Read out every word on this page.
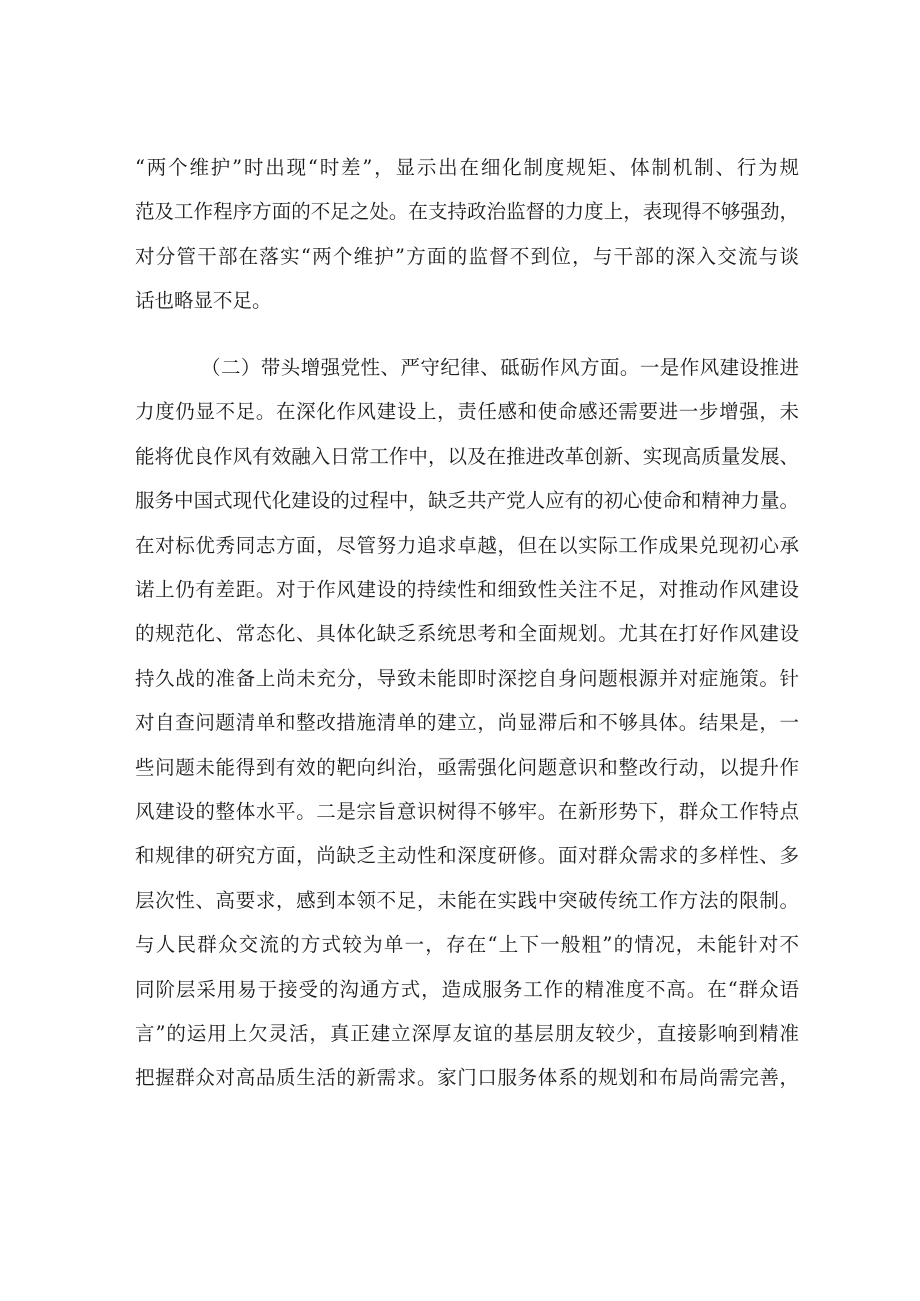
“两个维护”时出现“时差”，显示出在细化制度规矩、体制机制、行为规
范及工作程序方面的不足之处。在支持政治监督的力度上，表现得不够强劲，
对分管干部在落实“两个维护”方面的监督不到位，与干部的深入交流与谈
话也略显不足。
（二）带头增强党性、严守纪律、砥砺作风方面。一是作风建设推进
力度仍显不足。在深化作风建设上，责任感和使命感还需要进一步增强，未
能将优良作风有效融入日常工作中，以及在推进改革创新、实现高质量发展、
服务中国式现代化建设的过程中，缺乏共产党人应有的初心使命和精神力量。
在对标优秀同志方面，尽管努力追求卓越，但在以实际工作成果兑现初心承
诺上仍有差距。对于作风建设的持续性和细致性关注不足，对推动作风建设
的规范化、常态化、具体化缺乏系统思考和全面规划。尤其在打好作风建设
持久战的准备上尚未充分，导致未能即时深挖自身问题根源并对症施策。针
对自查问题清单和整改措施清单的建立，尚显滞后和不够具体。结果是，一
些问题未能得到有效的靶向纠治，亟需强化问题意识和整改行动，以提升作
风建设的整体水平。二是宗旨意识树得不够牢。在新形势下，群众工作特点
和规律的研究方面，尚缺乏主动性和深度研修。面对群众需求的多样性、多
层次性、高要求，感到本领不足，未能在实践中突破传统工作方法的限制。
与人民群众交流的方式较为单一，存在“上下一般粗”的情况，未能针对不
同阶层采用易于接受的沟通方式，造成服务工作的精准度不高。在“群众语
言”的运用上欠灵活，真正建立深厚友谊的基层朋友较少，直接影响到精准
把握群众对高品质生活的新需求。家门口服务体系的规划和布局尚需完善，
